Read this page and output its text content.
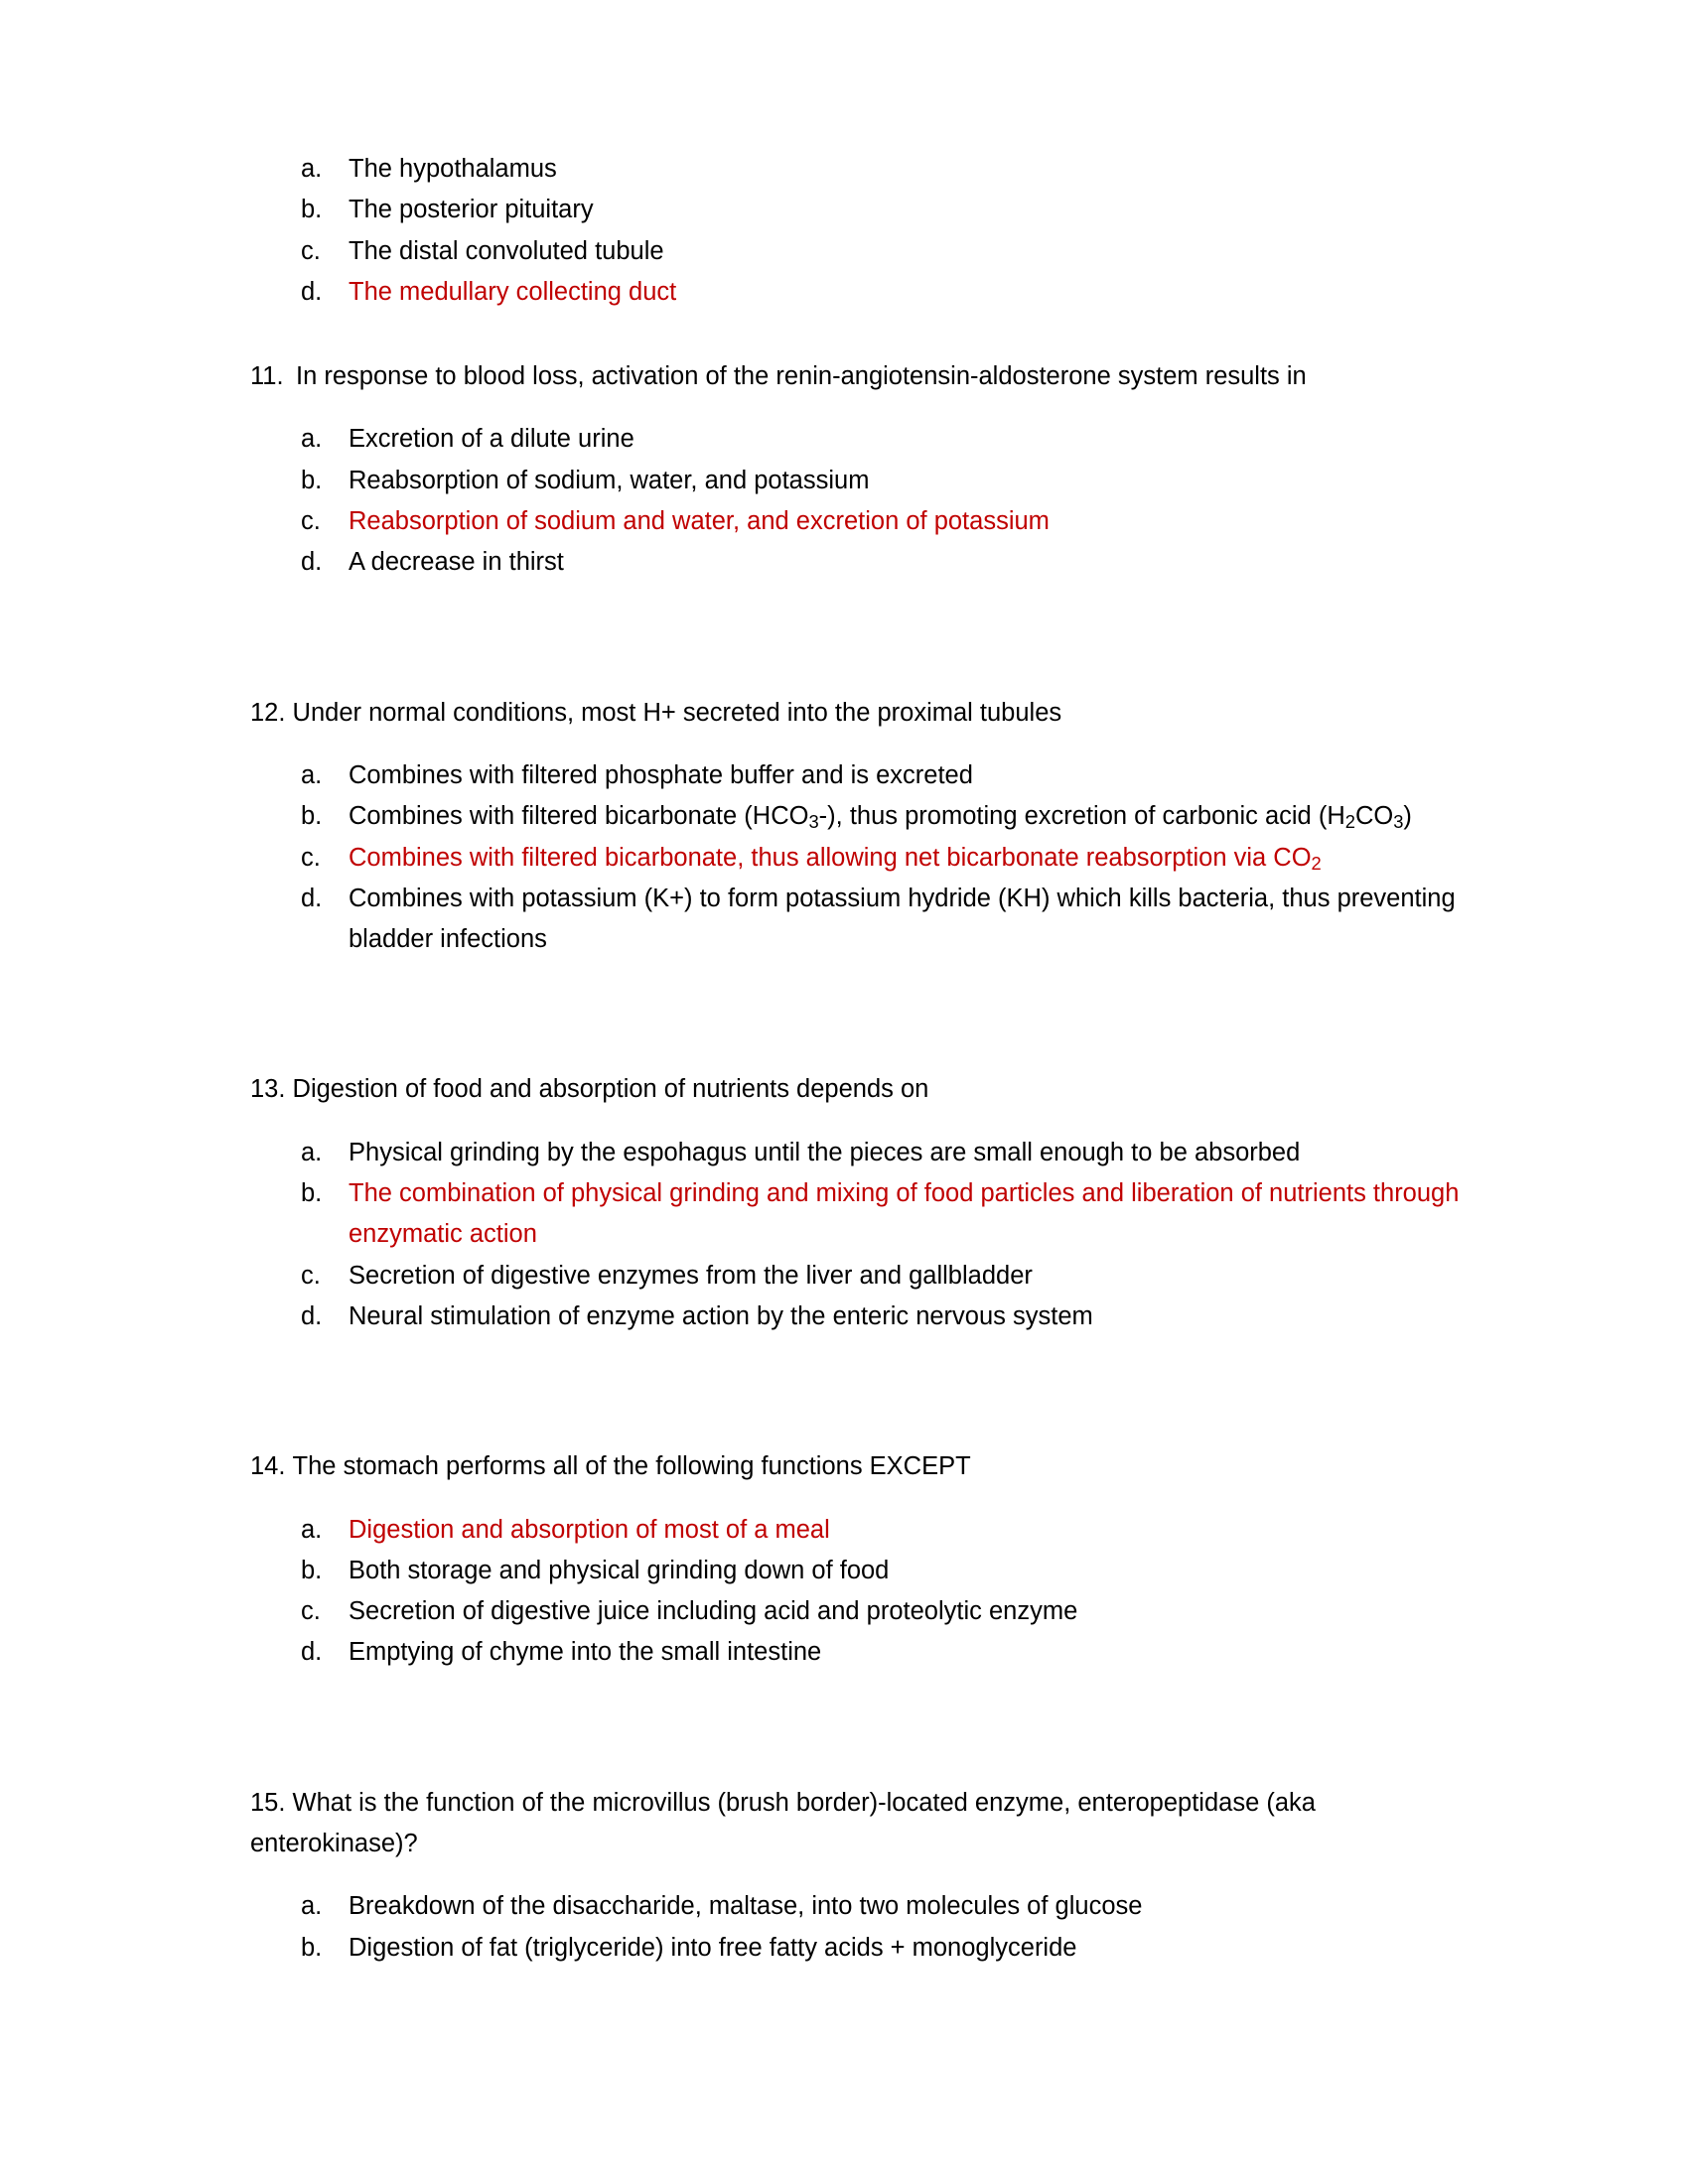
a.	The hypothalamus
b.	The posterior pituitary
c.	The distal convoluted tubule
d.	The medullary collecting duct
11. In response to blood loss, activation of the renin-angiotensin-aldosterone system results in
a.	Excretion of a dilute urine
b.	Reabsorption of sodium, water, and potassium
c.	Reabsorption of sodium and water, and excretion of potassium
d.	A decrease in thirst
12. Under normal conditions, most H+ secreted into the proximal tubules
a.	Combines with filtered phosphate buffer and is excreted
b.	Combines with filtered bicarbonate $(HCO_3-)$, thus promoting excretion of carbonic acid $(H_2CO_3)$
c.	Combines with filtered bicarbonate, thus allowing net bicarbonate reabsorption via $CO_2$
d.	Combines with potassium (K+) to form potassium hydride (KH) which kills bacteria, thus preventing bladder infections
13. Digestion of food and absorption of nutrients depends on
a.	Physical grinding by the espohagus until the pieces are small enough to be absorbed
b.	The combination of physical grinding and mixing of food particles and liberation of nutrients through enzymatic action
c.	Secretion of digestive enzymes from the liver and gallbladder
d.	Neural stimulation of enzyme action by the enteric nervous system
14. The stomach performs all of the following functions EXCEPT
a.	Digestion and absorption of most of a meal
b.	Both storage and physical grinding down of food
c.	Secretion of digestive juice including acid and proteolytic enzyme
d.	Emptying of chyme into the small intestine
15. What is the function of the microvillus (brush border)-located enzyme, enteropeptidase (aka enterokinase)?
a.	Breakdown of the disaccharide, maltase, into two molecules of glucose
b.	Digestion of fat (triglyceride) into free fatty acids + monoglyceride
